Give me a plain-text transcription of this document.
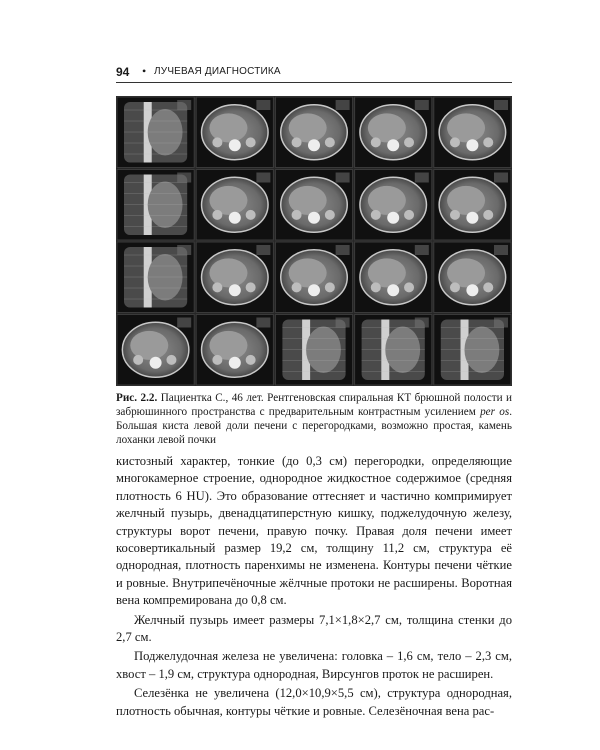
94 • ЛУЧЕВАЯ ДИАГНОСТИКА
Рис. 2.2. Пациентка С., 46 лет. Рентгеновская спиральная КТ брюшной полости и забрюшинного пространства с предварительным контрастным усилением per os. Большая киста левой доли печени с перегородками, возможно простая, камень лоханки левой почки

кистозный характер, тонкие (до 0,3 см) перегородки, определяющие многокамерное строение, однородное жидкостное содержимое (средняя плотность 6 HU). Это образование оттесняет и частично компримирует желчный пузырь, двенадцатиперстную кишку, поджелудочную железу, структуры ворот печени, правую почку. Правая доля печени имеет косовертикальный размер 19,2 см, толщину 11,2 см, структура её однородная, плотность паренхимы не изменена. Контуры печени чёткие и ровные. Внутрипечёночные жёлчные протоки не расширены. Воротная вена компремирована до 0,8 см.

Желчный пузырь имеет размеры 7,1×1,8×2,7 см, толщина стенки до 2,7 см.

Поджелудочная железа не увеличена: головка – 1,6 см, тело – 2,3 см, хвост – 1,9 см, структура однородная, Вирсунгов проток не расширен.

Селезёнка не увеличена (12,0×10,9×5,5 см), структура однородная, плотность обычная, контуры чёткие и ровные. Селезёночная вена рас-
